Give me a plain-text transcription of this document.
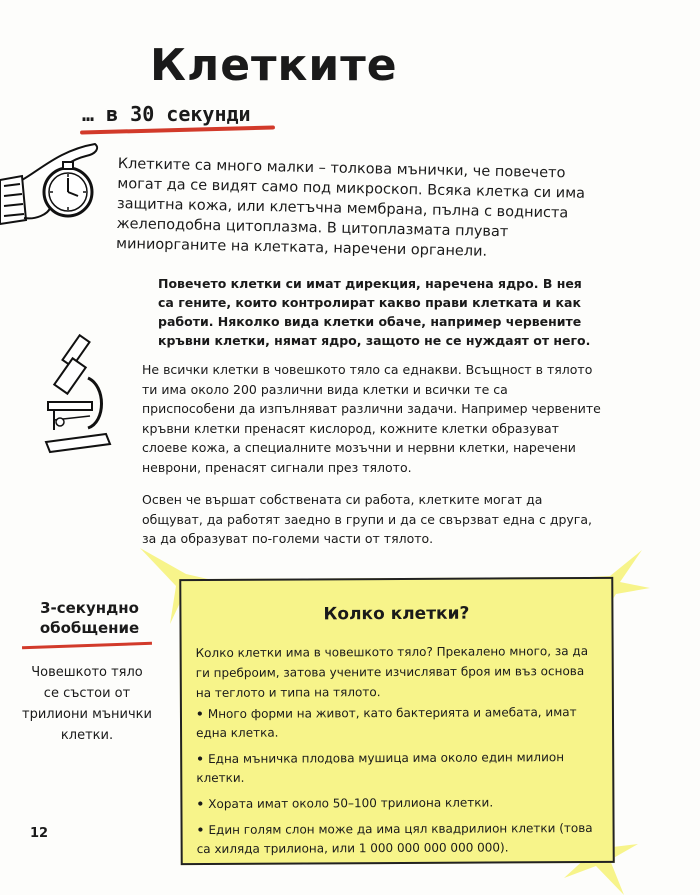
Клетките
… в 30 секунди
Клетките са много малки – толкова мънички, че повечето могат да се видят само под микроскоп. Всяка клетка си има защитна кожа, или клетъчна мембрана, пълна с водниста желеподобна цитоплазма. В цитоплазмата плуват миниорганите на клетката, наречени органели.
Повечето клетки си имат дирекция, наречена ядро. В нея са гените, които контролират какво прави клетката и как работи. Няколко вида клетки обаче, например червените кръвни клетки, нямат ядро, защото не се нуждаят от него.
Не всички клетки в човешкото тяло са еднакви. Всъщност в тялото ти има около 200 различни вида клетки и всички те са приспособени да изпълняват различни задачи. Например червените кръвни клетки пренасят кислород, кожните клетки образуват слоеве кожа, а специалните мозъчни и нервни клетки, наречени неврони, пренасят сигнали през тялото.
Освен че вършат собствената си работа, клетките могат да общуват, да работят заедно в групи и да се свързват една с друга, за да образуват по-големи части от тялото.
3-секундно обобщение
Човешкото тяло се състои от трилиони мънички клетки.
12
Колко клетки?
Колко клетки има в човешкото тяло? Прекалено много, за да ги преброим, затова учените изчисляват броя им въз основа на теглото и типа на тялото.
• Много форми на живот, като бактерията и амебата, имат една клетка.
• Една мъничка плодова мушица има около един милион клетки.
• Хората имат около 50–100 трилиона клетки.
• Един голям слон може да има цял квадрилион клетки (това са хиляда трилиона, или 1 000 000 000 000 000).
